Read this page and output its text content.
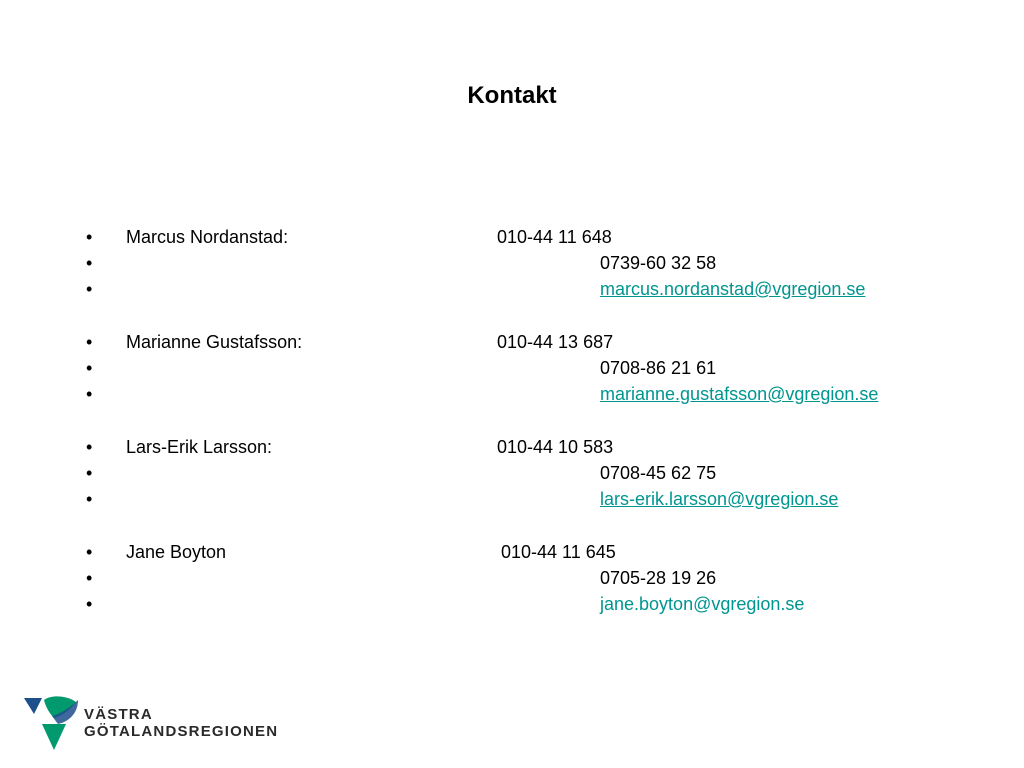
Kontakt
• Marcus Nordanstad:	010-44 11 648
•	0739-60 32 58
•	marcus.nordanstad@vgregion.se
• Marianne Gustafsson:	010-44 13 687
•	0708-86 21 61
•	marianne.gustafsson@vgregion.se
• Lars-Erik Larsson:	010-44 10 583
•	0708-45 62 75
•	lars-erik.larsson@vgregion.se
• Jane Boyton	010-44 11 645
•	0705-28 19 26
•	jane.boyton@vgregion.se
VÄSTRA
GÖTALANDSREGIONEN
